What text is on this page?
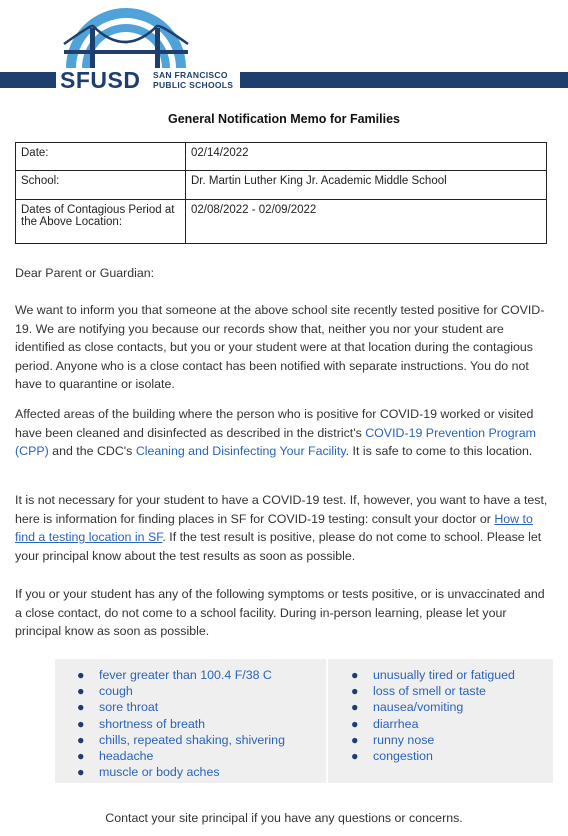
SFUSD SAN FRANCISCO
PUBLIC SCHOOLS
General Notification Memo for Families
Date:	02/14/2022
School:	Dr. Martin Luther King Jr. Academic Middle School
Dates of Contagious Period at the Above Location:	02/08/2022 - 02/09/2022

Dear Parent or Guardian:

We want to inform you that someone at the above school site recently tested positive for COVID-19. We are notifying you because our records show that, neither you nor your student are identified as close contacts, but you or your student were at that location during the contagious period. Anyone who is a close contact has been notified with separate instructions. You do not have to quarantine or isolate.

Affected areas of the building where the person who is positive for COVID-19 worked or visited have been cleaned and disinfected as described in the district's COVID-19 Prevention Program (CPP) and the CDC's Cleaning and Disinfecting Your Facility. It is safe to come to this location.

It is not necessary for your student to have a COVID-19 test. If, however, you want to have a test, here is information for finding places in SF for COVID-19 testing: consult your doctor or How to find a testing location in SF. If the test result is positive, please do not come to school. Please let your principal know about the test results as soon as possible.

If you or your student has any of the following symptoms or tests positive, or is unvaccinated and a close contact, do not come to a school facility. During in-person learning, please let your principal know as soon as possible.

● fever greater than 100.4 F/38 C
● cough
● sore throat
● shortness of breath
● chills, repeated shaking, shivering
● headache
● muscle or body aches
● unusually tired or fatigued
● loss of smell or taste
● nausea/vomiting
● diarrhea
● runny nose
● congestion
Contact your site principal if you have any questions or concerns.
